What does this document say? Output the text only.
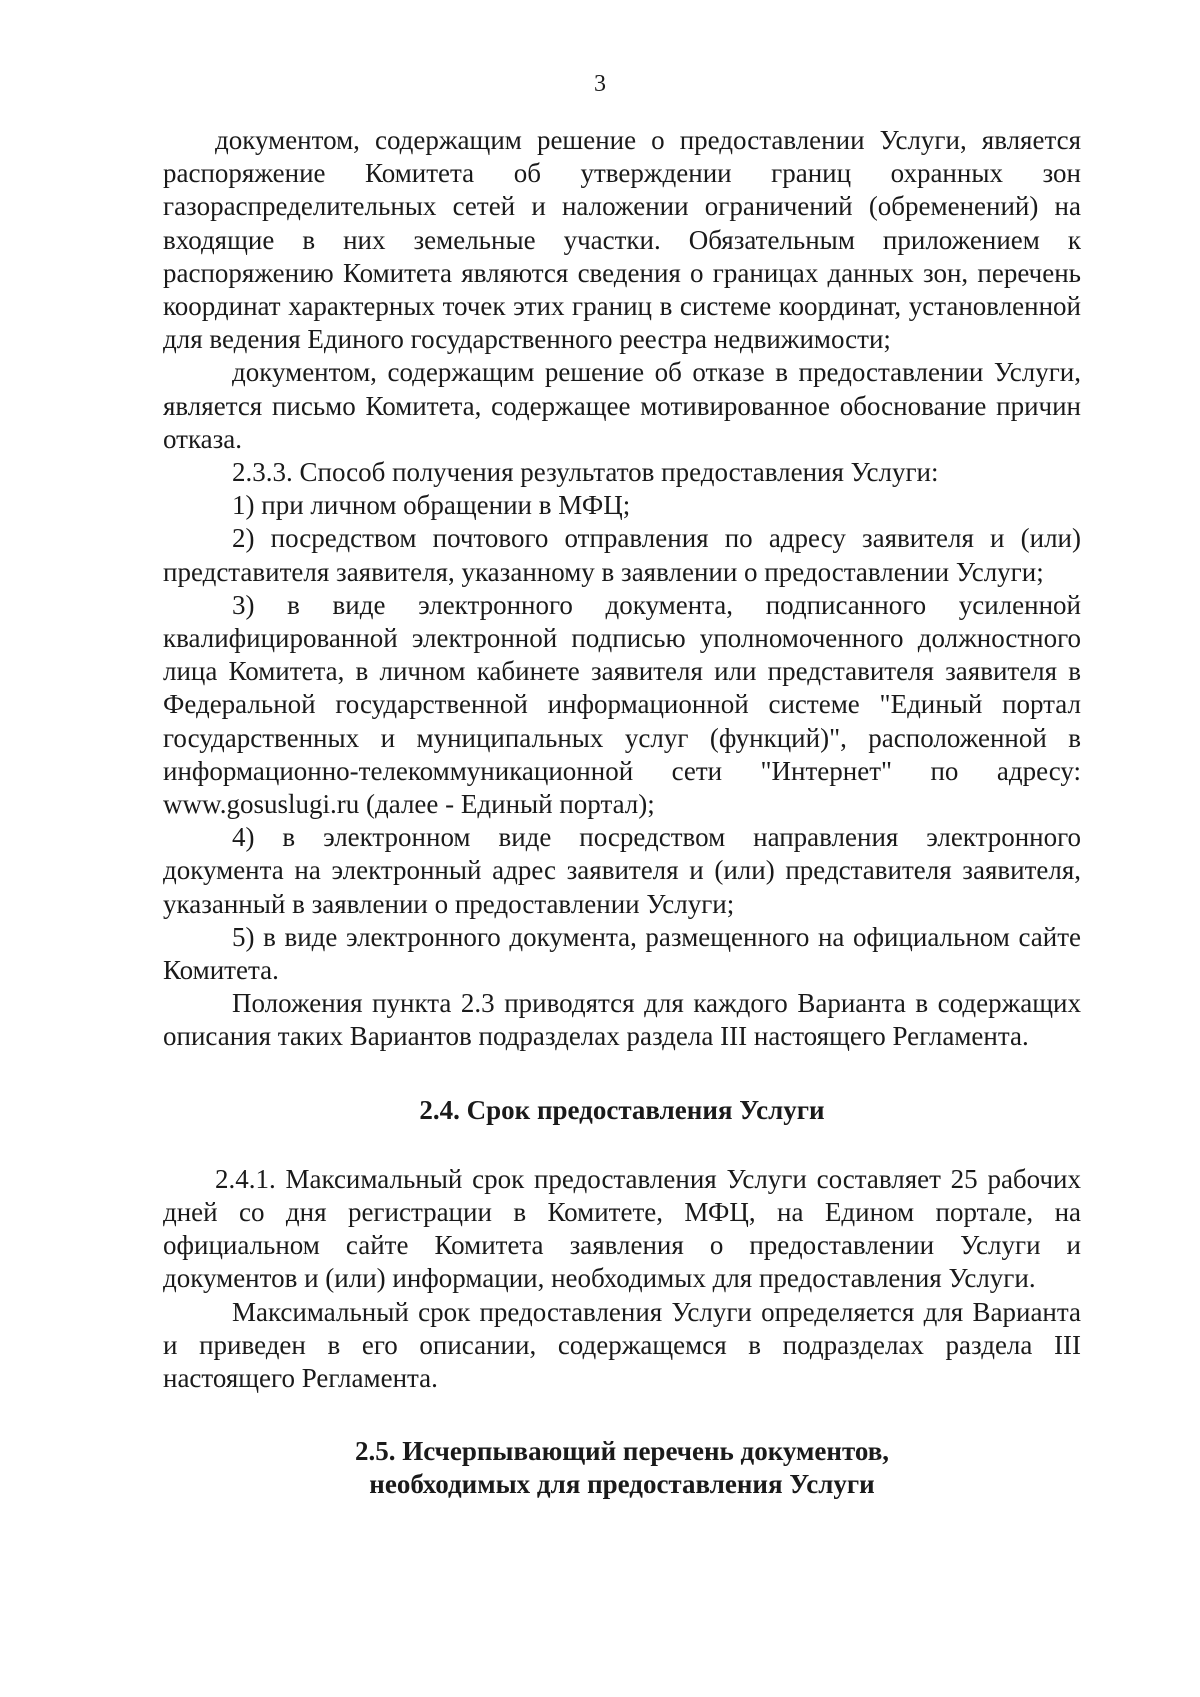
3

документом, содержащим решение о предоставлении Услуги, является распоряжение Комитета об утверждении границ охранных зон газораспределительных сетей и наложении ограничений (обременений) на входящие в них земельные участки. Обязательным приложением к распоряжению Комитета являются сведения о границах данных зон, перечень координат характерных точек этих границ в системе координат, установленной для ведения Единого государственного реестра недвижимости;

документом, содержащим решение об отказе в предоставлении Услуги, является письмо Комитета, содержащее мотивированное обоснование причин отказа.

2.3.3. Способ получения результатов предоставления Услуги:

1) при личном обращении в МФЦ;

2) посредством почтового отправления по адресу заявителя и (или) представителя заявителя, указанному в заявлении о предоставлении Услуги;

3) в виде электронного документа, подписанного усиленной квалифицированной электронной подписью уполномоченного должностного лица Комитета, в личном кабинете заявителя или представителя заявителя в Федеральной государственной информационной системе "Единый портал государственных и муниципальных услуг (функций)", расположенной в информационно-телекоммуникационной сети "Интернет" по адресу: www.gosuslugi.ru (далее - Единый портал);

4) в электронном виде посредством направления электронного документа на электронный адрес заявителя и (или) представителя заявителя, указанный в заявлении о предоставлении Услуги;

5) в виде электронного документа, размещенного на официальном сайте Комитета.

Положения пункта 2.3 приводятся для каждого Варианта в содержащих описания таких Вариантов подразделах раздела III настоящего Регламента.

2.4. Срок предоставления Услуги

2.4.1. Максимальный срок предоставления Услуги составляет 25 рабочих дней со дня регистрации в Комитете, МФЦ, на Едином портале, на официальном сайте Комитета заявления о предоставлении Услуги и документов и (или) информации, необходимых для предоставления Услуги.

Максимальный срок предоставления Услуги определяется для Варианта и приведен в его описании, содержащемся в подразделах раздела III настоящего Регламента.

2.5. Исчерпывающий перечень документов,
необходимых для предоставления Услуги
